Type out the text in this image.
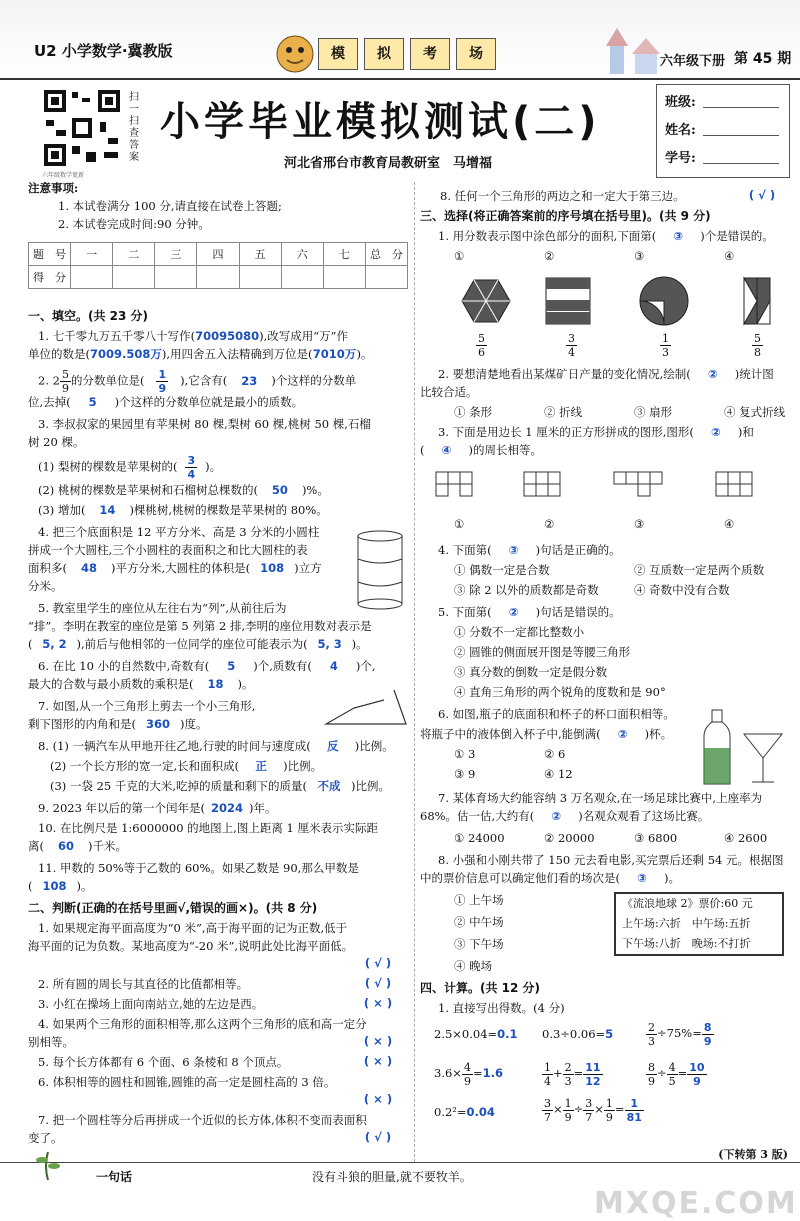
U2 小学数学·冀教版	模	拟	考	场	六年级下册 第 45 期
六年级数学更新
扫
一
扫
查
答
案
小学毕业模拟测试(二)
河北省邢台市教育局教研室　马增福
班级:
姓名:
学号:
注意事项:
1. 本试卷满分 100 分,请直接在试卷上答题;
2. 本试卷完成时间:90 分钟。
题　号	一	二	三	四	五	六	七	总　分
得　分								
一、填空。(共 23 分)
1. 七千零九万五千零八十写作(70095080),改写成用“万”作
单位的数是(7009.508万),用四舍五入法精确到万位是(7010万)。
2. $2 \frac{5}{9}$ 的分数单位是( $\frac{1}{9}$ ),它含有( 23 )个这样的分数单
位,去掉( 5 )个这样的分数单位就是最小的质数。
3. 李叔叔家的果园里有苹果树 80 棵,梨树 60 棵,桃树 50 棵,石榴
树 20 棵。
(1) 梨树的棵数是苹果树的( $\frac{3}{4}$ )。
(2) 桃树的棵数是苹果树和石榴树总棵数的( 50 )%。
(3) 增加( 14 )棵桃树,桃树的棵数是苹果树的 80%。
4. 把三个底面积是 12 平方分米、高是 3 分米的小圆柱
拼成一个大圆柱,三个小圆柱的表面积之和比大圆柱的表
面积多( 48 )平方分米,大圆柱的体积是( 108 )立方
分米。
5. 教室里学生的座位从左往右为“列”,从前往后为
“排”。李明在教室的座位是第 5 列第 2 排,李明的座位用数对表示是
( 5, 2 ),前后与他相邻的一位同学的座位可能表示为( 5, 3 )。
6. 在比 10 小的自然数中,奇数有( 5 )个,质数有( 4 )个,
最大的合数与最小质数的乘积是( 18 )。
7. 如图,从一个三角形上剪去一个小三角形,
剩下图形的内角和是( 360 )度。
8. (1) 一辆汽车从甲地开往乙地,行驶的时间与速度成( 反 )比例。
(2) 一个长方形的宽一定,长和面积成( 正 )比例。
(3) 一袋 25 千克的大米,吃掉的质量和剩下的质量( 不成 )比例。
9. 2023 年以后的第一个闰年是( 2024 )年。
10. 在比例尺是 1:6000000 的地图上,图上距离 1 厘米表示实际距
离( 60 )千米。
11. 甲数的 50%等于乙数的 60%。如果乙数是 90,那么甲数是
( 108 )。
二、判断(正确的在括号里画√,错误的画×)。(共 8 分)
1. 如果规定海平面高度为“0 米”,高于海平面的记为正数,低于
海平面的记为负数。某地高度为“-20 米”,说明此处比海平面低。
( √ )
2. 所有圆的周长与其直径的比值都相等。	( √ )
3. 小红在操场上面向南站立,她的左边是西。	( × )
4. 如果两个三角形的面积相等,那么这两个三角形的底和高一定分
别相等。	( × )
5. 每个长方体都有 6 个面、6 条棱和 8 个顶点。	( × )
6. 体积相等的圆柱和圆锥,圆锥的高一定是圆柱高的 3 倍。
( × )
7. 把一个圆柱等分后再拼成一个近似的长方体,体积不变而表面积
变了。	( √ )
8. 任何一个三角形的两边之和一定大于第三边。	( √ )
三、选择(将正确答案前的序号填在括号里)。(共 9 分)
1. 用分数表示图中涂色部分的面积,下面第( ③ )个是错误的。
①	②	③	④
$\frac{5}{6}$	$\frac{3}{4}$	$\frac{1}{3}$	$\frac{5}{8}$
2. 要想清楚地看出某煤矿日产量的变化情况,绘制( ② )统计图
比较合适。
① 条形	② 折线	③ 扇形	④ 复式折线
3. 下面是用边长 1 厘米的正方形拼成的图形,图形( ② )和
( ④ )的周长相等。
①	②	③	④
4. 下面第( ③ )句话是正确的。
① 偶数一定是合数	② 互质数一定是两个质数
③ 除 2 以外的质数都是奇数	④ 奇数中没有合数
5. 下面第( ② )句话是错误的。
① 分数不一定都比整数小
② 圆锥的侧面展开图是等腰三角形
③ 真分数的倒数一定是假分数
④ 直角三角形的两个锐角的度数和是 90°
6. 如图,瓶子的底面积和杯子的杯口面积相等。
将瓶子中的液体倒入杯子中,能倒满( ② )杯。
① 3	② 6
③ 9	④ 12
7. 某体育场大约能容纳 3 万名观众,在一场足球比赛中,上座率为
68%。估一估,大约有( ② )名观众观看了这场比赛。
① 24000	② 20000	③ 6800	④ 2600
8. 小强和小刚共带了 150 元去看电影,买完票后还剩 54 元。根据图
中的票价信息可以确定他们看的场次是( ③ )。
① 上午场
② 中午场
③ 下午场
④ 晚场
《流浪地球 2》票价:60 元
上午场:六折　中午场:五折
下午场:八折　晚场:不打折
四、计算。(共 12 分)
1. 直接写出得数。(4 分)
2.5×0.04=0.1 0.3÷0.06=5	$\frac{2}{3} \div 75\%= \frac{8}{9}$
$3.6\times \frac{4}{9} =1.6$	$\frac{1}{4} + \frac{2}{3} = \frac{11}{12}$	$\frac{8}{9} \div \frac{4}{5} = \frac{10}{9}$
0.2²=0.04	$\frac{3}{7} \times \frac{1}{9} \div \frac{3}{7} \times \frac{1}{9} = \frac{1}{81}$
(下转第 3 版)
一句话	没有斗狼的胆量,就不要牧羊。
MXQE.COM
